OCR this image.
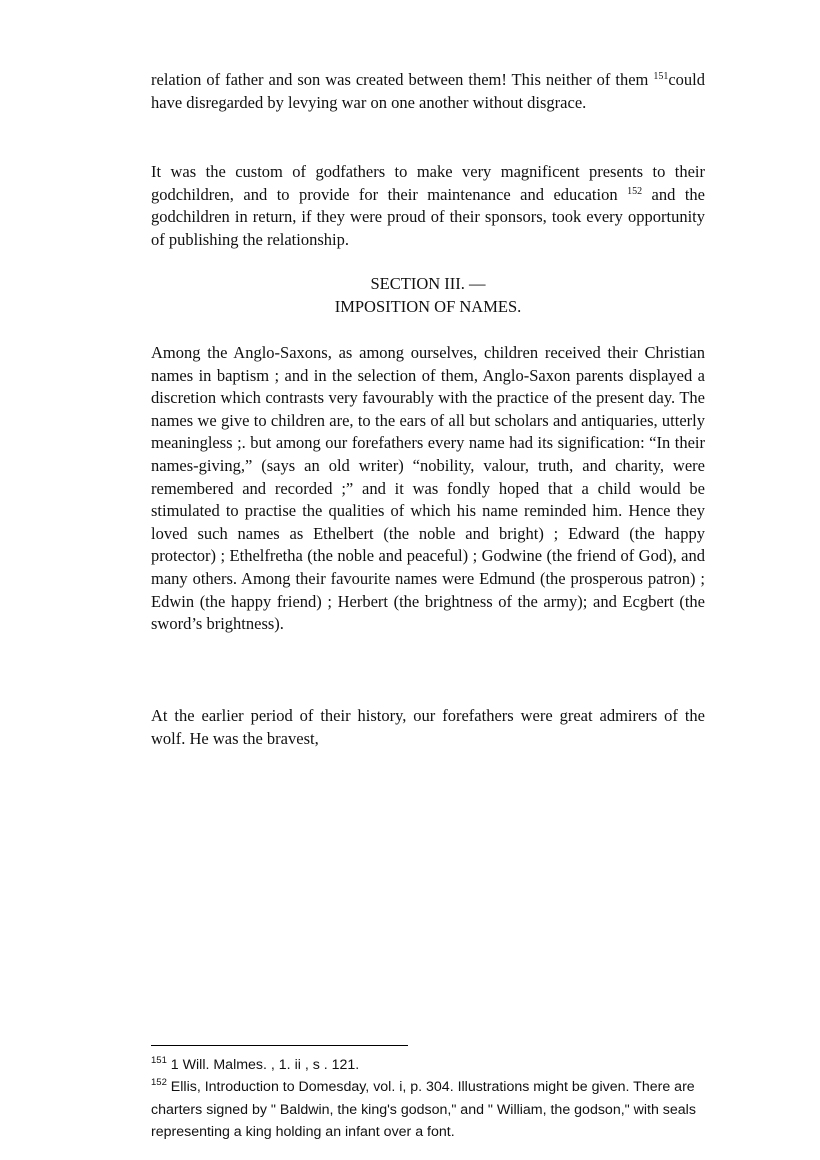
relation of father and son was created between them! This neither of them $^{151}$could have disregarded by levying war on one another without disgrace.

It was the custom of godfathers to make very magnificent presents to their godchildren, and to provide for their maintenance and education $^{152}$ and the godchildren in return, if they were proud of their sponsors, took every opportunity of publishing the relationship.

SECTION III. —
IMPOSITION OF NAMES.

Among the Anglo-Saxons, as among ourselves, children received their Christian names in baptism ; and in the selection of them, Anglo-Saxon parents displayed a discretion which contrasts very favourably with the practice of the present day. The names we give to children are, to the ears of all but scholars and antiquaries, utterly meaningless ;. but among our forefathers every name had its signification: “In their names-giving,” (says an old writer) “nobility, valour, truth, and charity, were remembered and recorded ;” and it was fondly hoped that a child would be stimulated to practise the qualities of which his name reminded him. Hence they loved such names as Ethelbert (the noble and bright) ; Edward (the happy protector) ; Ethelfretha (the noble and peaceful) ; Godwine (the friend of God), and many others. Among their favourite names were Edmund (the prosperous patron) ; Edwin (the happy friend) ; Herbert (the brightness of the army); and Ecgbert (the sword’s brightness).

At the earlier period of their history, our forefathers were great admirers of the wolf. He was the bravest,

$^{151}$ 1 Will. Malmes. , 1. ii , s . 121.

$^{152}$ Ellis, Introduction to Domesday, vol. i, p. 304. Illustrations might be given. There are charters signed by " Baldwin, the king's godson," and " William, the godson," with seals representing a king holding an infant over a font.
